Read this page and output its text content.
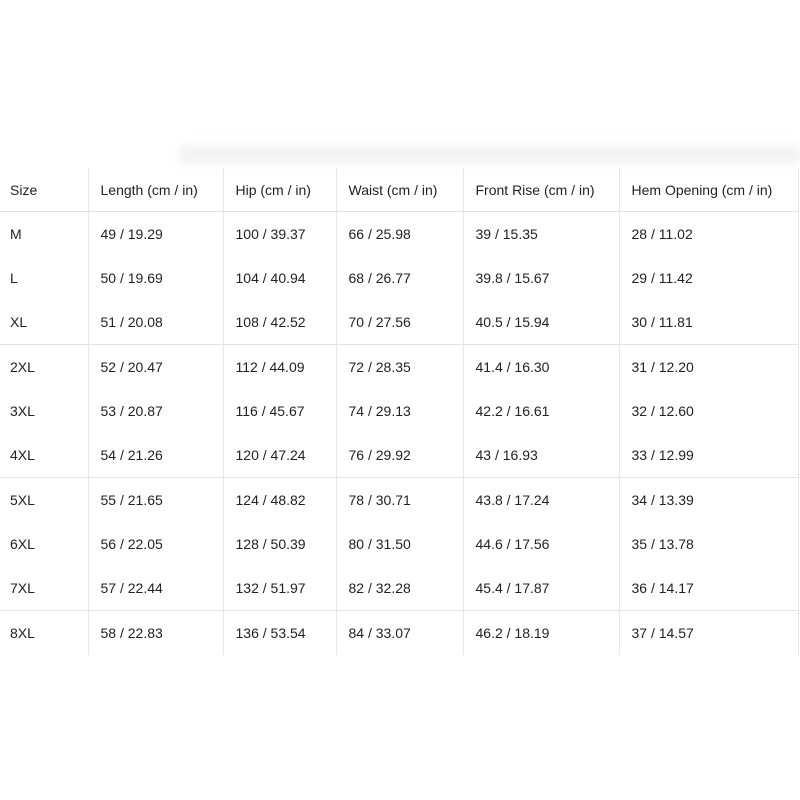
Size	Length (cm / in)	Hip (cm / in)	Waist (cm / in)	Front Rise (cm / in)	Hem Opening (cm / in)
M	49 / 19.29	100 / 39.37	66 / 25.98	39 / 15.35	28 / 11.02
L	50 / 19.69	104 / 40.94	68 / 26.77	39.8 / 15.67	29 / 11.42
XL	51 / 20.08	108 / 42.52	70 / 27.56	40.5 / 15.94	30 / 11.81
2XL	52 / 20.47	112 / 44.09	72 / 28.35	41.4 / 16.30	31 / 12.20
3XL	53 / 20.87	116 / 45.67	74 / 29.13	42.2 / 16.61	32 / 12.60
4XL	54 / 21.26	120 / 47.24	76 / 29.92	43 / 16.93	33 / 12.99
5XL	55 / 21.65	124 / 48.82	78 / 30.71	43.8 / 17.24	34 / 13.39
6XL	56 / 22.05	128 / 50.39	80 / 31.50	44.6 / 17.56	35 / 13.78
7XL	57 / 22.44	132 / 51.97	82 / 32.28	45.4 / 17.87	36 / 14.17
8XL	58 / 22.83	136 / 53.54	84 / 33.07	46.2 / 18.19	37 / 14.57
